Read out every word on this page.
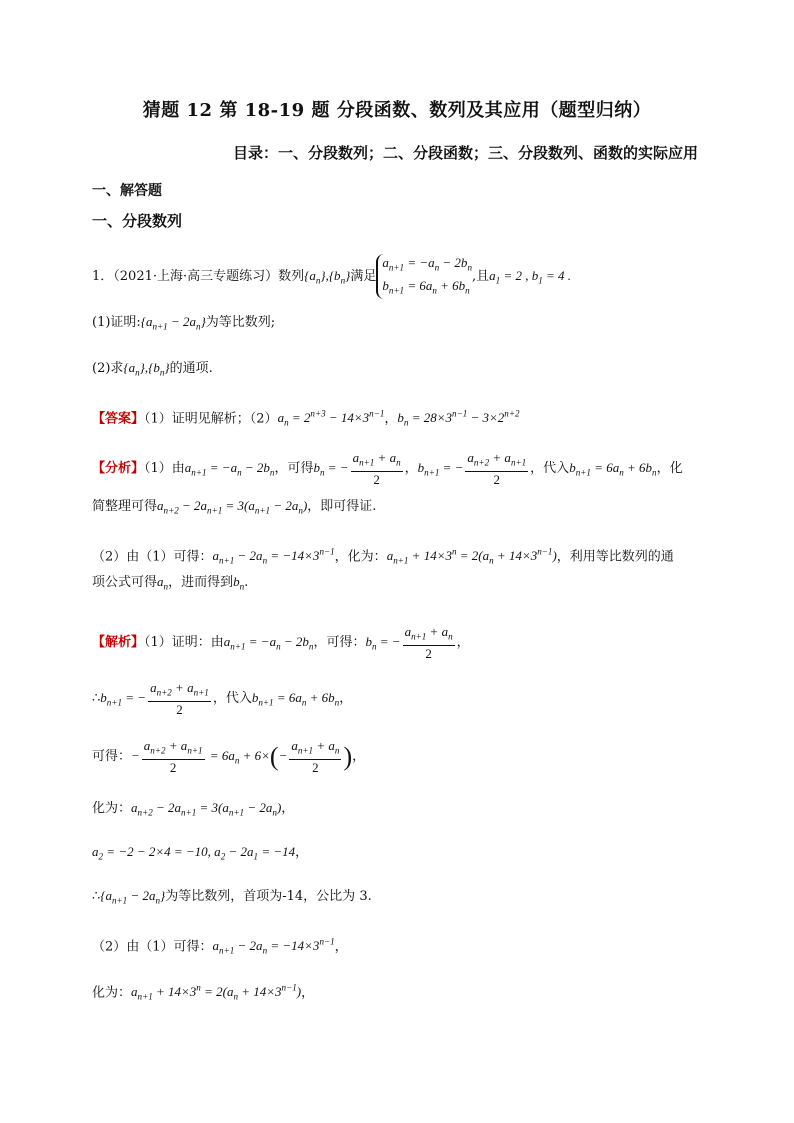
猜题 12 第 18-19 题 分段函数、数列及其应用（题型归纳）
目录：一、分段数列；二、分段函数；三、分段数列、函数的实际应用
一、解答题
一、分段数列
1．（2021·上海·高三专题练习）数列$\{a_n\},\{b_n\}$满足$a_{n+1} = -a_n - 2b_n$
$b_{n+1} = 6a_n + 6b_n$,且$a_1 = 2$ , $b_1 = 4$ .
(1)证明$:\{a_{n+1} - 2a_n\}$为等比数列;
(2)求$\{a_n\},\{b_n\}$的通项.
【答案】（1）证明见解析；$(2)a_n = 2^{n+3} - 14\times 3^{n-1}$，$b_n = 28\times 3^{n-1} - 3\times 2^{n+2}$
【分析】（1）由$a_{n+1} = -a_n - 2b_n$，可得$b_n$ = − $\frac{a_{n+1} + a_n}{2}$ ，$b_{n+1}$ = − $\frac{a_{n+2} + a_{n+1}}{2}$ ，代入$b_{n+1} = 6a_n + 6b_n$，化
简整理可得$a_{n+2} - 2a_{n+1} = 3(a_{n+1} - 2a_n)$，即可得证.
（2）由（1）可得：$a_{n+1} - 2a_n = -14\times 3^{n-1}$，化为：$a_{n+1} + 14\times 3^n = 2(a_n + 14\times 3^{n-1})$，利用等比数列的通
项公式可得$a_n$，进而得到$b_n$.
【解析】（1）证明：由$a_{n+1} = -a_n - 2b_n$，可得：$b_n$ = − $\frac{a_{n+1} + a_n}{2}$ ，
$\therefore b_{n+1}$ = − $\frac{a_{n+2} + a_{n+1}}{2}$ ，代入$b_{n+1} = 6a_n + 6b_n$，
可得：− $\frac{a_{n+2} + a_{n+1}}{2} = 6a_n + 6\times(- \frac{a_{n+1} + a_n}{2}$ )，
化为：$a_{n+2} - 2a_{n+1} = 3(a_{n+1} - 2a_n)$，
$a_2 = -2 - 2\times 4 = -10$, $a_2 - 2a_1 = -14$，
$\therefore\{a_{n+1} - 2a_n\}$为等比数列，首项为-14，公比为 3.
（2）由（1）可得：$a_{n+1} - 2a_n = -14\times 3^{n-1}$，
化为：$a_{n+1} + 14\times 3^n = 2(a_n + 14\times 3^{n-1})$，
